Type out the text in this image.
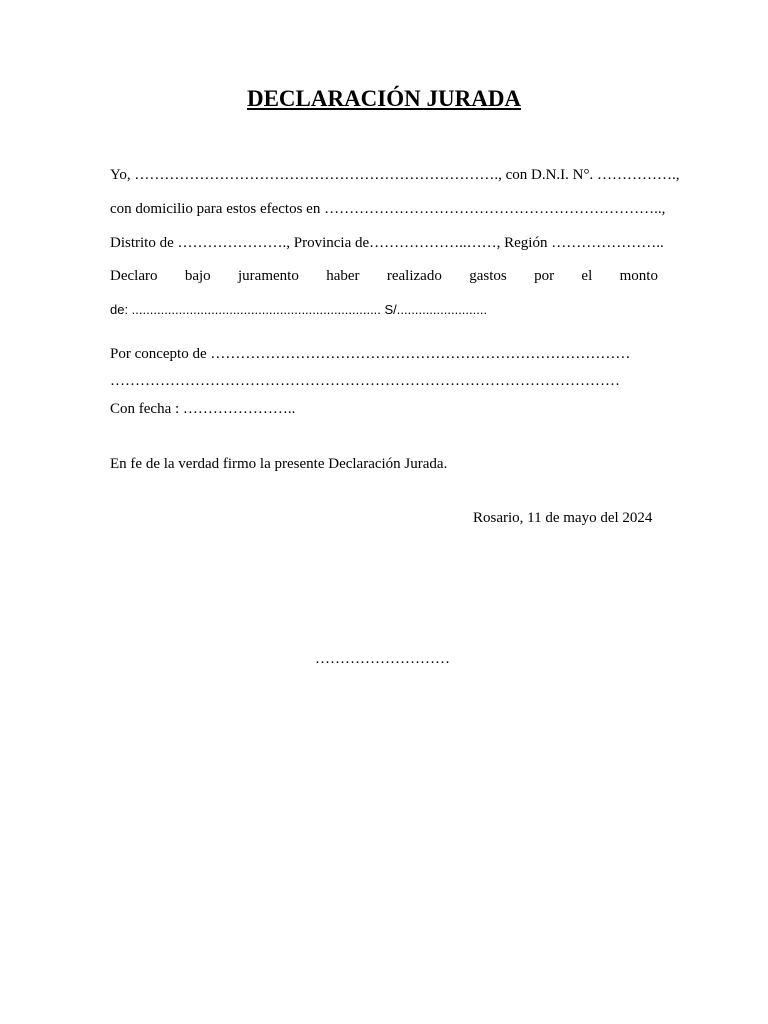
DECLARACIÓN JURADA
Yo, ………………………………………………………………., con D.N.I. N°. …………….,
con domicilio para estos efectos en …………………………………………………………..,
Distrito de …………………., Provincia de………………..……, Región …………………..
Declaro bajo juramento haber realizado gastos por el monto
de: ..................................................................... S/.........................
Por concepto de …………………………………………………………………………
…………………………………………………………………………………………
Con fecha : …………………..
En fe de la verdad firmo la presente Declaración Jurada.
Rosario, 11 de mayo del 2024
………………………
